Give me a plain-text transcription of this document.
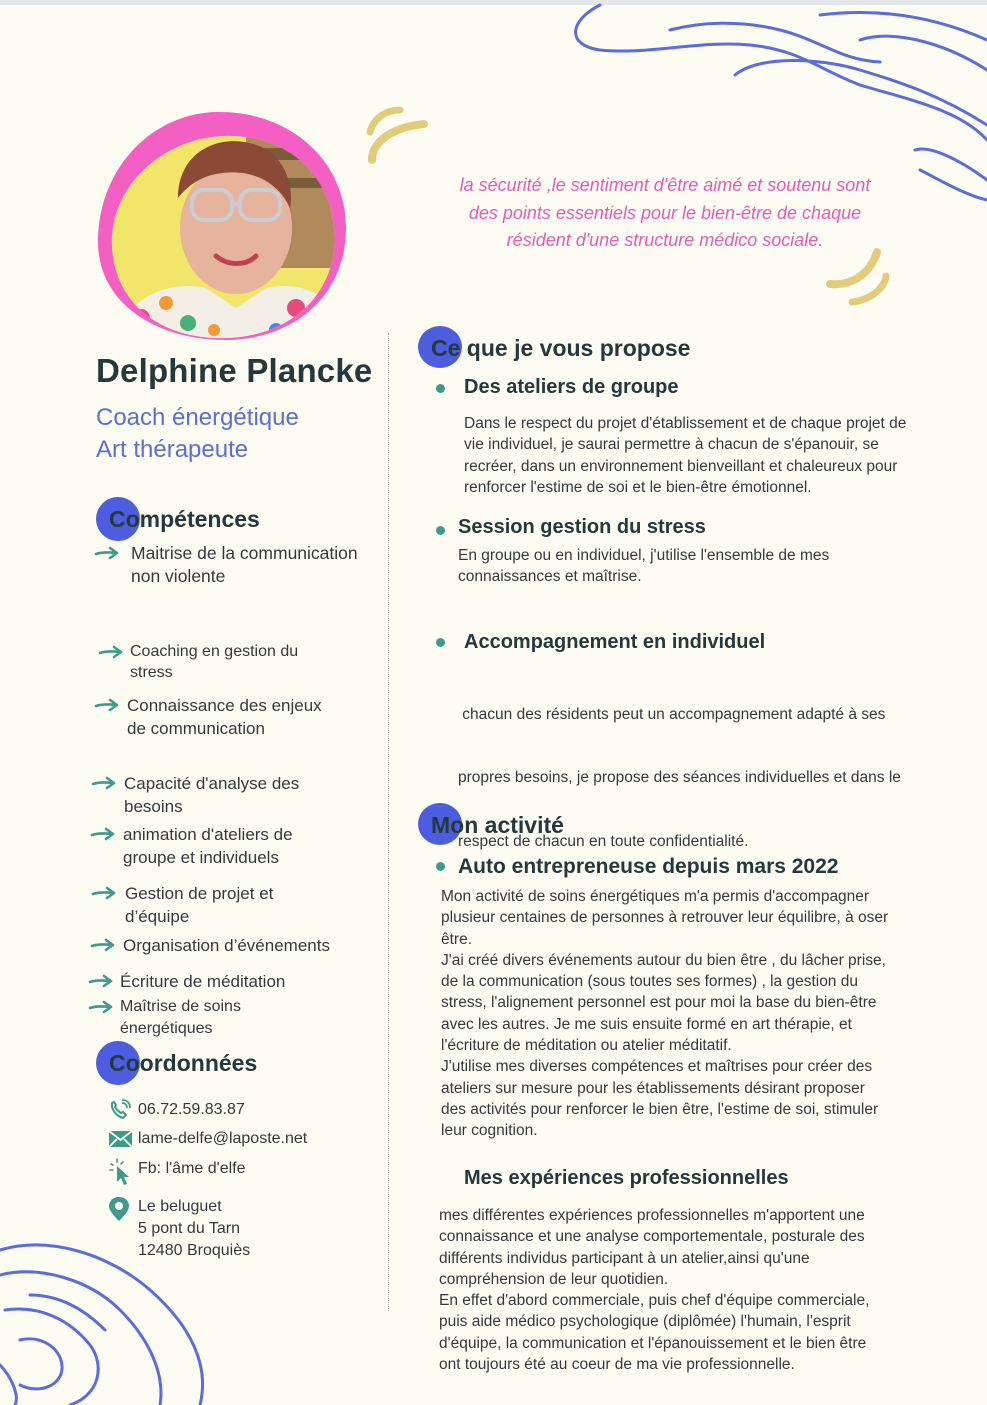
la sécurité ,le sentiment d'être aimé et soutenu sont
des points essentiels pour le bien-être de chaque
résident d'une structure médico sociale.
Delphine Plancke
Coach énergétique
Art thérapeute
Compétences
Maitrise de la communication
non violente
Coaching en gestion du
stress
Connaissance des enjeux
de communication
Capacité d'analyse des
besoins
animation d'ateliers de
groupe et individuels
Gestion de projet et
d’équipe
Organisation d’événements
Écriture de méditation
Maîtrise de soins
énergétiques
Coordonnées
06.72.59.83.87
lame-delfe@laposte.net
Fb: l'âme d'elfe
Le beluguet
5 pont du Tarn
12480 Broquiès
Ce que je vous propose
Des ateliers de groupe
Dans le respect du projet d'établissement et de chaque projet de
vie individuel, je saurai permettre à chacun de s'épanouir, se
recréer, dans un environnement bienveillant et chaleureux pour
renforcer l'estime de soi et le bien-être émotionnel.
Session gestion du stress
En groupe ou en individuel, j'utilise l'ensemble de mes
connaissances et maîtrise.
Accompagnement en individuel

chacun des résidents peut un accompagnement adapté à ses

propres besoins, je propose des séances individuelles et dans le

respect de chacun en toute confidentialité.

Mon activité
Auto entrepreneuse depuis mars 2022
Mon activité de soins énergétiques m'a permis d'accompagner
plusieur centaines de personnes à retrouver leur équilibre, à oser
être.
J'ai créé divers événements autour du bien être , du lâcher prise,
de la communication (sous toutes ses formes) , la gestion du
stress, l'alignement personnel est pour moi la base du bien-être
avec les autres. Je me suis ensuite formé en art thérapie, et
l'écriture de méditation ou atelier méditatif.
J'utilise mes diverses compétences et maîtrises pour créer des
ateliers sur mesure pour les établissements désirant proposer
des activités pour renforcer le bien être, l'estime de soi, stimuler
leur cognition.
Mes expériences professionnelles
mes différentes expériences professionnelles m'apportent une
connaissance et une analyse comportementale, posturale des
différents individus participant à un atelier,ainsi qu'une
compréhension de leur quotidien.
En effet d'abord commerciale, puis chef d'équipe commerciale,
puis aide médico psychologique (diplômée) l'humain, l'esprit
d'équipe, la communication et l'épanouissement et le bien être
ont toujours été au coeur de ma vie professionnelle.
